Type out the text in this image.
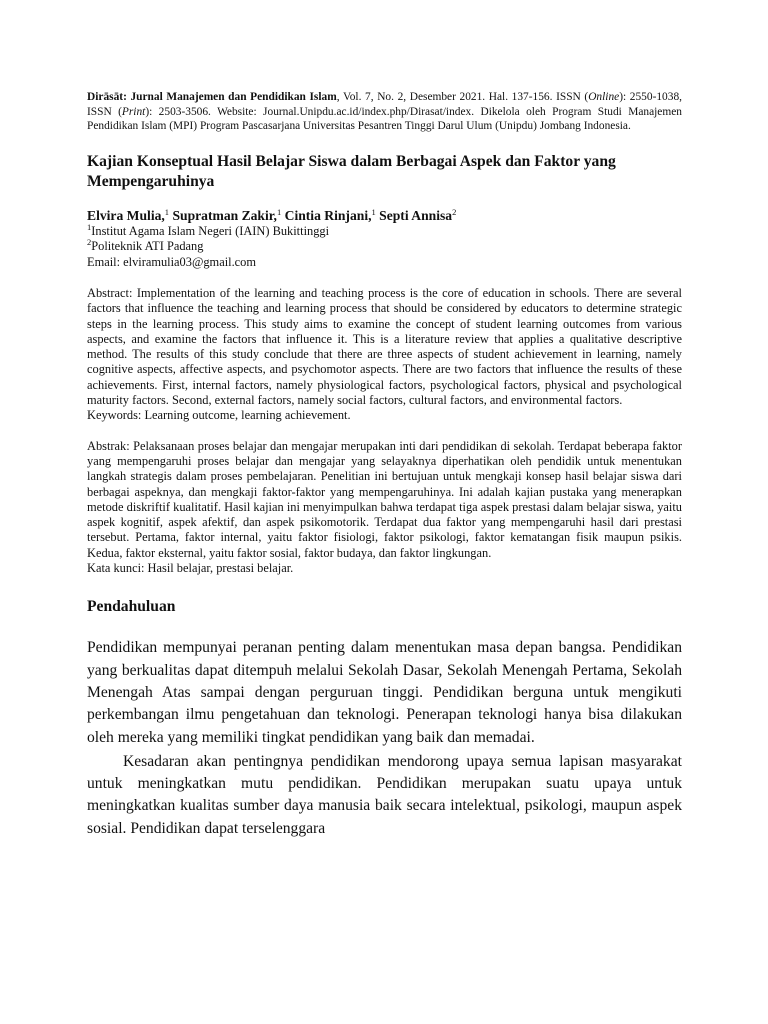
Dirāsāt: Jurnal Manajemen dan Pendidikan Islam, Vol. 7, No. 2, Desember 2021. Hal. 137-156. ISSN (Online): 2550-1038, ISSN (Print): 2503-3506. Website: Journal.Unipdu.ac.id/index.php/Dirasat/index. Dikelola oleh Program Studi Manajemen Pendidikan Islam (MPI) Program Pascasarjana Universitas Pesantren Tinggi Darul Ulum (Unipdu) Jombang Indonesia.
Kajian Konseptual Hasil Belajar Siswa dalam Berbagai Aspek dan Faktor yang Mempengaruhinya
Elvira Mulia,$^1$ Supratman Zakir,$^1$ Cintia Rinjani,$^1$ Septi Annisa$^2$
$^1$Institut Agama Islam Negeri (IAIN) Bukittinggi
$^2$Politeknik ATI Padang
Email: elviramulia03@gmail.com
Abstract: Implementation of the learning and teaching process is the core of education in schools. There are several factors that influence the teaching and learning process that should be considered by educators to determine strategic steps in the learning process. This study aims to examine the concept of student learning outcomes from various aspects, and examine the factors that influence it. This is a literature review that applies a qualitative descriptive method. The results of this study conclude that there are three aspects of student achievement in learning, namely cognitive aspects, affective aspects, and psychomotor aspects. There are two factors that influence the results of these achievements. First, internal factors, namely physiological factors, psychological factors, physical and psychological maturity factors. Second, external factors, namely social factors, cultural factors, and environmental factors.
Keywords: Learning outcome, learning achievement.
Abstrak: Pelaksanaan proses belajar dan mengajar merupakan inti dari pendidikan di sekolah. Terdapat beberapa faktor yang mempengaruhi proses belajar dan mengajar yang selayaknya diperhatikan oleh pendidik untuk menentukan langkah strategis dalam proses pembelajaran. Penelitian ini bertujuan untuk mengkaji konsep hasil belajar siswa dari berbagai aspeknya, dan mengkaji faktor-faktor yang mempengaruhinya. Ini adalah kajian pustaka yang menerapkan metode diskriftif kualitatif. Hasil kajian ini menyimpulkan bahwa terdapat tiga aspek prestasi dalam belajar siswa, yaitu aspek kognitif, aspek afektif, dan aspek psikomotorik. Terdapat dua faktor yang mempengaruhi hasil dari prestasi tersebut. Pertama, faktor internal, yaitu faktor fisiologi, faktor psikologi, faktor kematangan fisik maupun psikis. Kedua, faktor eksternal, yaitu faktor sosial, faktor budaya, dan faktor lingkungan.
Kata kunci: Hasil belajar, prestasi belajar.
Pendahuluan
Pendidikan mempunyai peranan penting dalam menentukan masa depan bangsa. Pendidikan yang berkualitas dapat ditempuh melalui Sekolah Dasar, Sekolah Menengah Pertama, Sekolah Menengah Atas sampai dengan perguruan tinggi. Pendidikan berguna untuk mengikuti perkembangan ilmu pengetahuan dan teknologi. Penerapan teknologi hanya bisa dilakukan oleh mereka yang memiliki tingkat pendidikan yang baik dan memadai.
Kesadaran akan pentingnya pendidikan mendorong upaya semua lapisan masyarakat untuk meningkatkan mutu pendidikan. Pendidikan merupakan suatu upaya untuk meningkatkan kualitas sumber daya manusia baik secara intelektual, psikologi, maupun aspek sosial. Pendidikan dapat terselenggara
